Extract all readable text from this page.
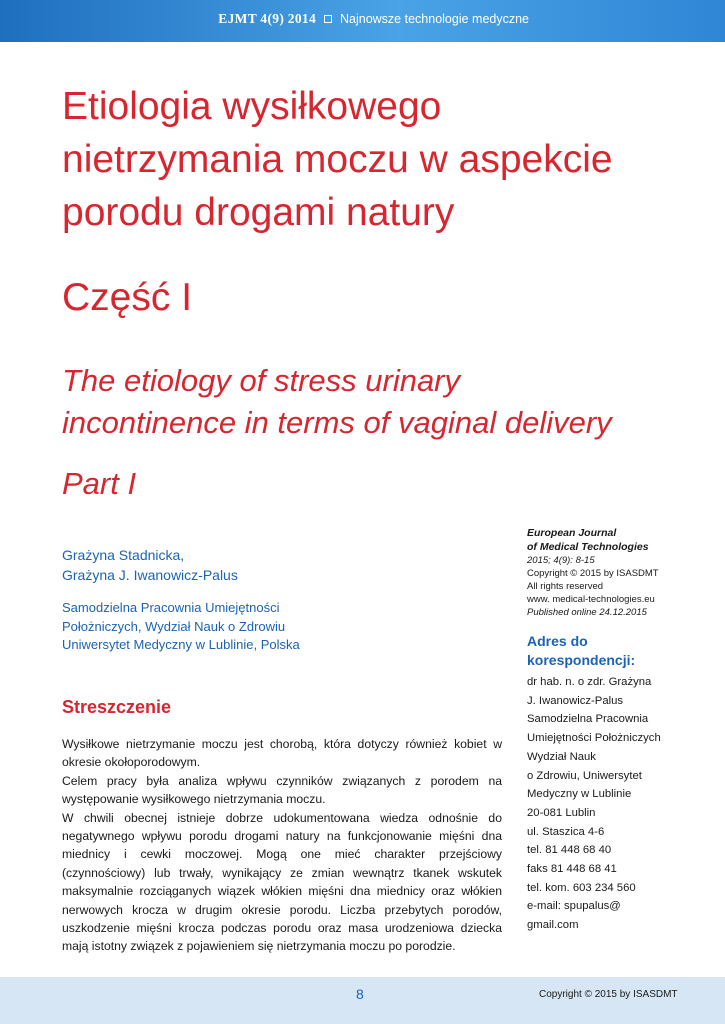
EJMT 4(9) 2014 Najnowsze technologie medyczne
Etiologia wysiłkowego
nietrzymania moczu w aspekcie
porodu drogami natury
Część I
The etiology of stress urinary
incontinence in terms of vaginal delivery
Part I
Grażyna Stadnicka,
Grażyna J. Iwanowicz-Palus
Samodzielna Pracownia Umiejętności
Położniczych, Wydział Nauk o Zdrowiu
Uniwersytet Medyczny w Lublinie, Polska
Streszczenie

Wysiłkowe nietrzymanie moczu jest chorobą, która dotyczy również kobiet w okresie okołoporodowym.

Celem pracy była analiza wpływu czynników związanych z porodem na występowanie wysiłkowego nietrzymania moczu.

W chwili obecnej istnieje dobrze udokumentowana wiedza odnośnie do negatywnego wpływu porodu drogami natury na funkcjonowanie mięśni dna miednicy i cewki moczowej. Mogą one mieć charakter przejściowy (czynnościowy) lub trwały, wynikający ze zmian wewnątrz tkanek wskutek maksymalnie rozciąganych wiązek włókien mięśni dna miednicy oraz włókien nerwowych krocza w drugim okresie porodu. Liczba przebytych porodów, uszkodzenie mięśni krocza podczas porodu oraz masa urodzeniowa dziecka mają istotny związek z pojawieniem się nietrzymania moczu po porodzie.

European Journal
of Medical Technologies
2015; 4(9): 8-15
Copyright © 2015 by ISASDMT
All rights reserved
www. medical-technologies.eu
Published online 24.12.2015
Adres do
korespondencji:
dr hab. n. o zdr. Grażyna
J. Iwanowicz-Palus
Samodzielna Pracownia
Umiejętności Położniczych
Wydział Nauk
o Zdrowiu, Uniwersytet
Medyczny w Lublinie
20-081 Lublin
ul. Staszica 4-6
tel. 81 448 68 40
faks 81 448 68 41
tel. kom. 603 234 560
e-mail: spupalus@
gmail.com
8	Copyright © 2015 by ISASDMT
